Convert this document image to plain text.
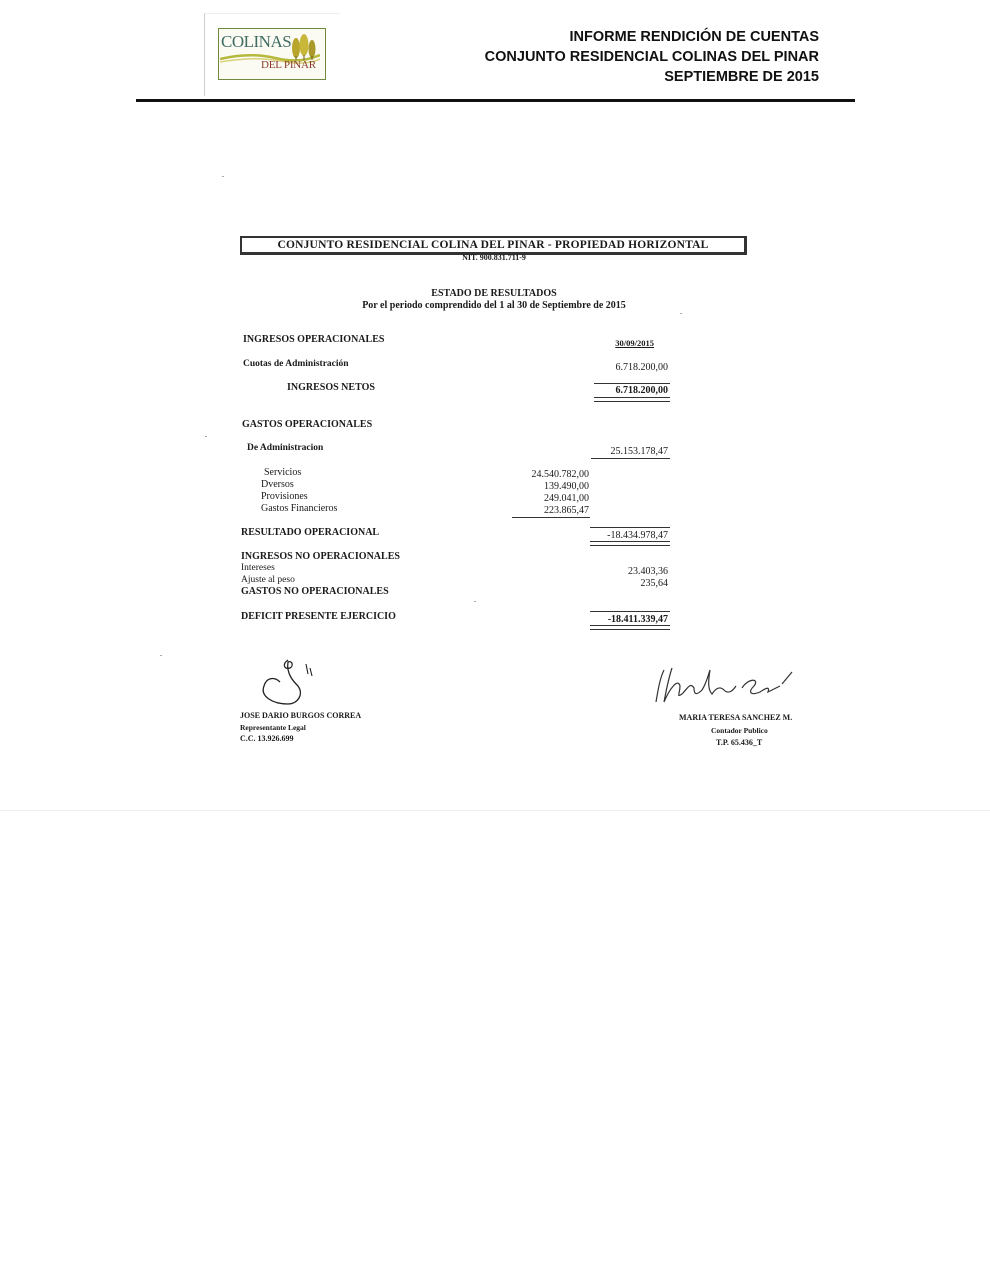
COLINAS
DEL PINAR
INFORME RENDICIÓN DE CUENTAS
CONJUNTO RESIDENCIAL COLINAS DEL PINAR
SEPTIEMBRE DE 2015
CONJUNTO RESIDENCIAL COLINA DEL PINAR - PROPIEDAD HORIZONTAL
NIT. 900.831.711-9
ESTADO DE RESULTADOS
Por el periodo comprendido del 1 al 30 de Septiembre de 2015
INGRESOS OPERACIONALES	30/09/2015
Cuotas de Administración	6.718.200,00
INGRESOS NETOS	6.718.200,00
GASTOS OPERACIONALES
De Administracion	25.153.178,47
Servicios	24.540.782,00
Dversos	139.490,00
Provisiones	249.041,00
Gastos Financieros	223.865,47
RESULTADO OPERACIONAL	-18.434.978,47
INGRESOS NO OPERACIONALES
Intereses	23.403,36
Ajuste al peso	235,64
GASTOS NO OPERACIONALES
DEFICIT PRESENTE EJERCICIO	-18.411.339,47
JOSE DARIO BURGOS CORREA
Representante Legal
C.C. 13.926.699
MARIA TERESA SANCHEZ M.
Contador Publico
T.P. 65.436_T
